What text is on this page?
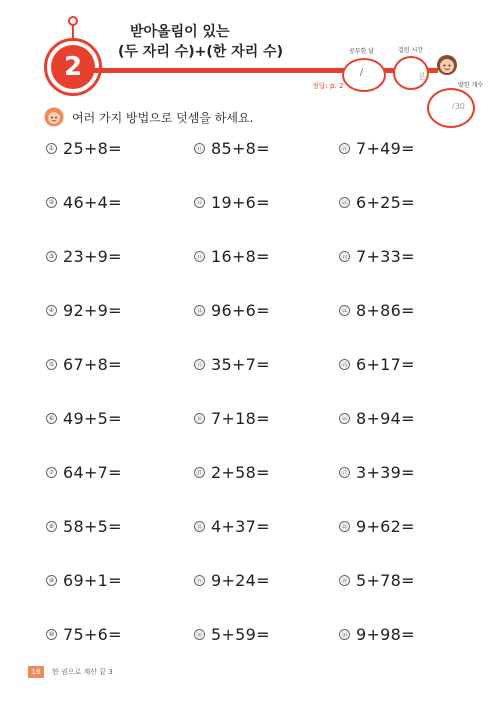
2
받아올림이 있는
(두 자리 수)+(한 자리 수)
정답: p. 2
공부한 날
/
걸린 시간
분
맞힌 개수
/30
여러 가지 방법으로 덧셈을 하세요.
① 25+8=
② 46+4=
③ 23+9=
④ 92+9=
⑤ 67+8=
⑥ 49+5=
⑦ 64+7=
⑧ 58+5=
⑨ 69+1=
⑩ 75+6=
⑪ 85+8=
⑫ 19+6=
⑬ 16+8=
⑭ 96+6=
⑮ 35+7=
⑯ 7+18=
⑰ 2+58=
⑱ 4+37=
⑲ 9+24=
⑳ 5+59=
㉑ 7+49=
㉒ 6+25=
㉓ 7+33=
㉔ 8+86=
㉕ 6+17=
㉖ 8+94=
㉗ 3+39=
㉘ 9+62=
㉙ 5+78=
㉚ 9+98=
16	한 권으로 계산 끝 3
